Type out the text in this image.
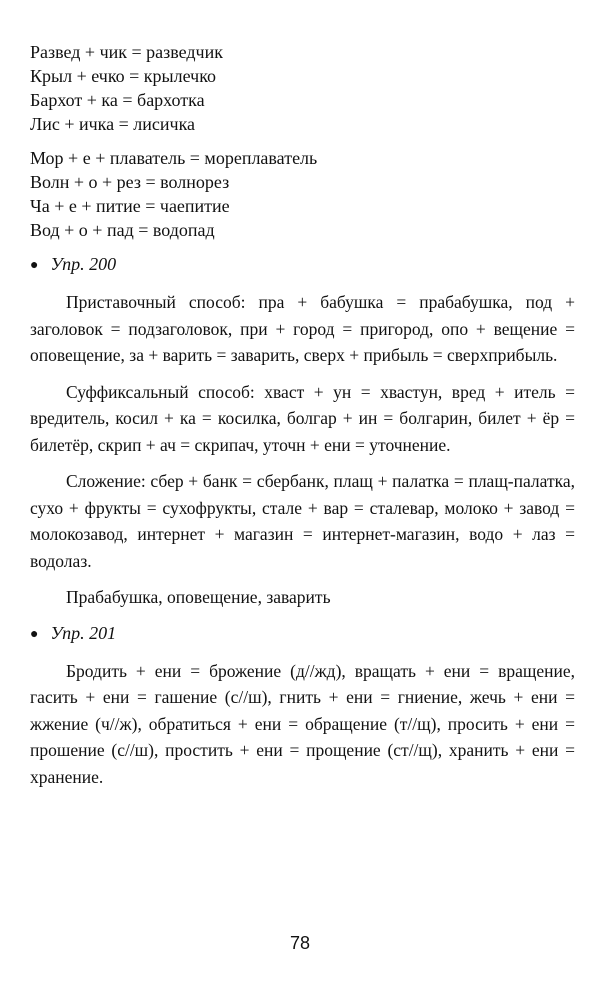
Развед + чик = разведчик

Крыл + ечко = крылечко

Бархот + ка = бархотка

Лис + ичка = лисичка

Мор + е + плаватель = мореплаватель

Волн + о + рез = волнорез

Ча + е + питие = чаепитие

Вод + о + пад = водопад

● Упр. 200

Приставочный способ: пра + бабушка = прабабушка, под + заголовок = подзаголовок, при + город = пригород, опо + вещение = оповещение, за + варить = заварить, сверх + прибыль = сверхприбыль.

Суффиксальный способ: хваст + ун = хвастун, вред + итель = вредитель, косил + ка = косилка, болгар + ин = болгарин, билет + ёр = билетёр, скрип + ач = скрипач, уточн + ени = уточнение.

Сложение: сбер + банк = сбербанк, плащ + палатка = плащ-палатка, сухо + фрукты = сухофрукты, стале + вар = сталевар, молоко + завод = молокозавод, интернет + магазин = интернет-магазин, водо + лаз = водолаз.

Прабабушка, оповещение, заварить

● Упр. 201

Бродить + ени = брожение (д//жд), вращать + ени = вращение, гасить + ени = гашение (с//ш), гнить + ени = гниение, жечь + ени = жжение (ч//ж), обратиться + ени = обращение (т//щ), просить + ени = прошение (с//ш), простить + ени = прощение (ст//щ), хранить + ени = хранение.

78
